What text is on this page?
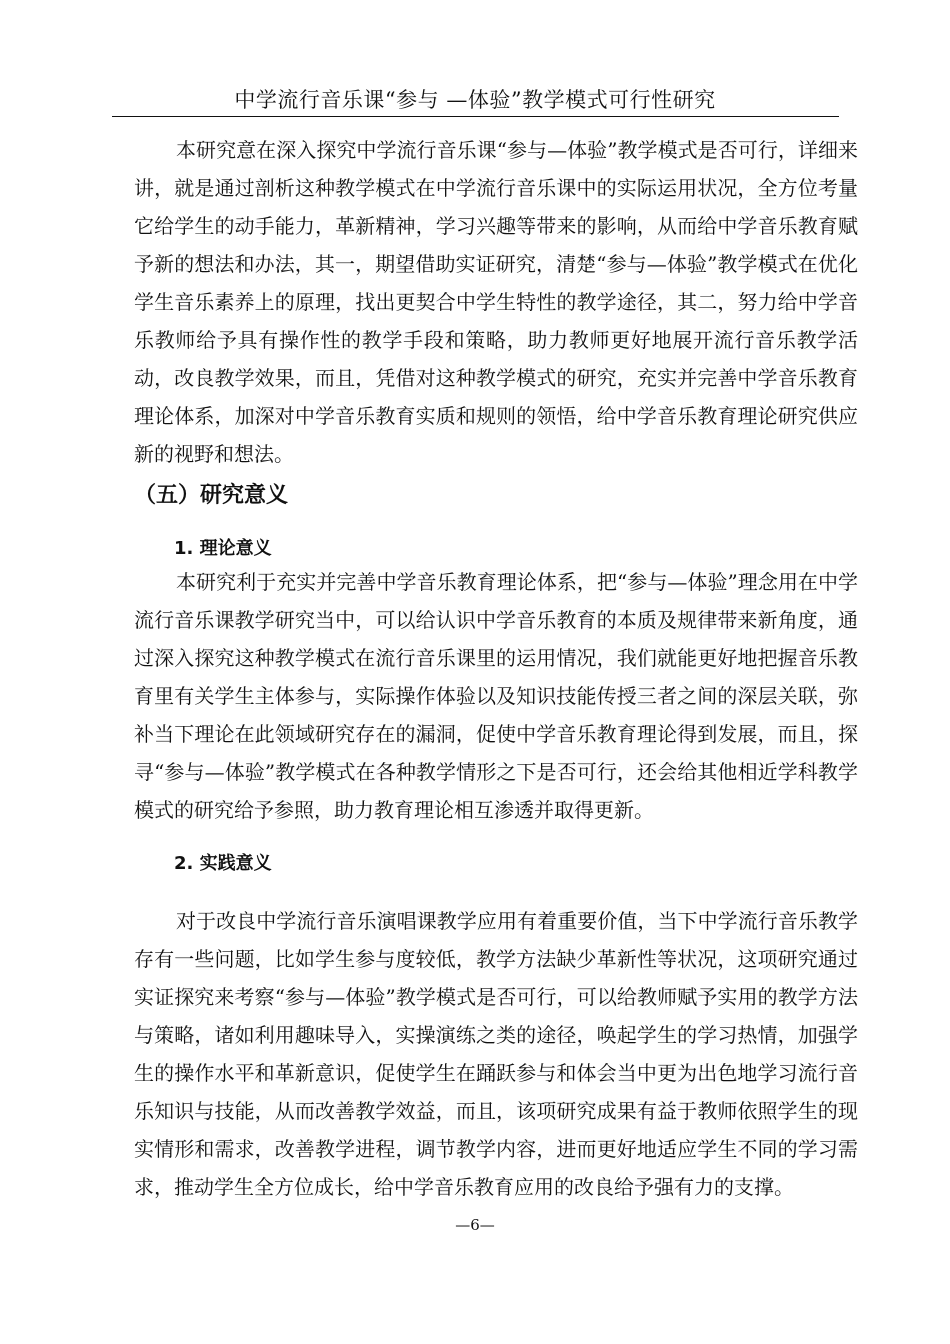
中学流行音乐课“参与 —体验”教学模式可行性研究

本研究意在深入探究中学流行音乐课“参与—体验”教学模式是否可行，详细来讲，就是通过剖析这种教学模式在中学流行音乐课中的实际运用状况，全方位考量它给学生的动手能力，革新精神，学习兴趣等带来的影响，从而给中学音乐教育赋予新的想法和办法，其一，期望借助实证研究，清楚“参与—体验”教学模式在优化学生音乐素养上的原理，找出更契合中学生特性的教学途径，其二，努力给中学音乐教师给予具有操作性的教学手段和策略，助力教师更好地展开流行音乐教学活动，改良教学效果，而且，凭借对这种教学模式的研究，充实并完善中学音乐教育理论体系，加深对中学音乐教育实质和规则的领悟，给中学音乐教育理论研究供应新的视野和想法。

（五）研究意义
1. 理论意义

本研究利于充实并完善中学音乐教育理论体系，把“参与—体验”理念用在中学流行音乐课教学研究当中，可以给认识中学音乐教育的本质及规律带来新角度，通过深入探究这种教学模式在流行音乐课里的运用情况，我们就能更好地把握音乐教育里有关学生主体参与，实际操作体验以及知识技能传授三者之间的深层关联，弥补当下理论在此领域研究存在的漏洞，促使中学音乐教育理论得到发展，而且，探寻“参与—体验”教学模式在各种教学情形之下是否可行，还会给其他相近学科教学模式的研究给予参照，助力教育理论相互渗透并取得更新。

2. 实践意义

对于改良中学流行音乐演唱课教学应用有着重要价值，当下中学流行音乐教学存有一些问题，比如学生参与度较低，教学方法缺少革新性等状况，这项研究通过实证探究来考察“参与—体验”教学模式是否可行，可以给教师赋予实用的教学方法与策略，诸如利用趣味导入，实操演练之类的途径，唤起学生的学习热情，加强学生的操作水平和革新意识，促使学生在踊跃参与和体会当中更为出色地学习流行音乐知识与技能，从而改善教学效益，而且，该项研究成果有益于教师依照学生的现实情形和需求，改善教学进程，调节教学内容，进而更好地适应学生不同的学习需求，推动学生全方位成长，给中学音乐教育应用的改良给予强有力的支撑。

—6—
